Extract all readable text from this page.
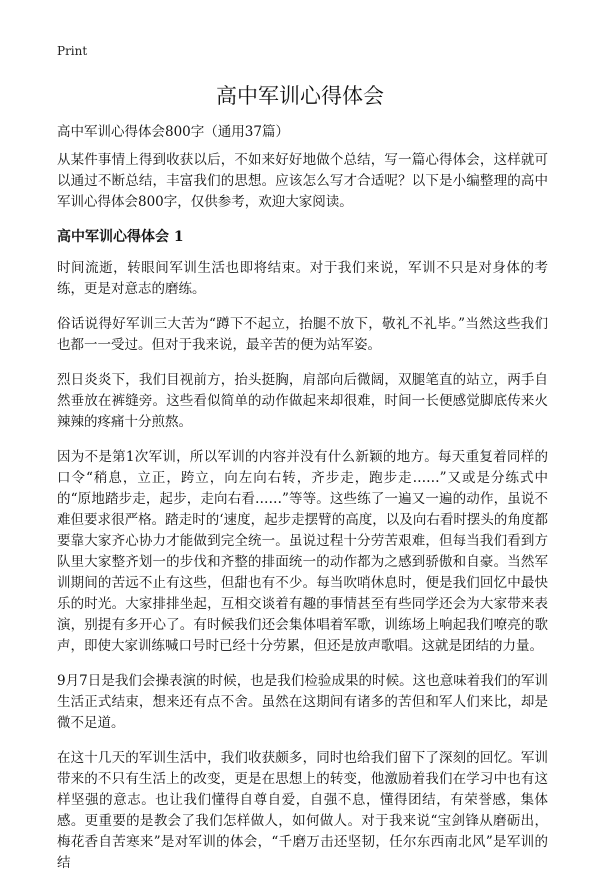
Print
高中军训心得体会

高中军训心得体会800字（通用37篇）

从某件事情上得到收获以后，不如来好好地做个总结，写一篇心得体会，这样就可以通过不断总结，丰富我们的思想。应该怎么写才合适呢？以下是小编整理的高中军训心得体会800字，仅供参考，欢迎大家阅读。

高中军训心得体会 1

时间流逝，转眼间军训生活也即将结束。对于我们来说，军训不只是对身体的考练，更是对意志的磨练。

俗话说得好军训三大苦为“蹲下不起立，抬腿不放下，敬礼不礼毕。”当然这些我们也都一一受过。但对于我来说，最辛苦的便为站军姿。

烈日炎炎下，我们目视前方，抬头挺胸，肩部向后微阔，双腿笔直的站立，两手自然垂放在裤缝旁。这些看似简单的动作做起来却很难，时间一长便感觉脚底传来火辣辣的疼痛十分煎熬。

因为不是第1次军训，所以军训的内容并没有什么新颖的地方。每天重复着同样的口令“稍息，立正，跨立，向左向右转，齐步走，跑步走……”又或是分练式中的“原地踏步走，起步，走向右看……”等等。这些练了一遍又一遍的动作，虽说不难但要求很严格。踏走时的‘速度，起步走摆臂的高度，以及向右看时摆头的角度都要靠大家齐心协力才能做到完全统一。虽说过程十分劳苦艰难，但每当我们看到方队里大家整齐划一的步伐和齐整的排面统一的动作都为之感到骄傲和自豪。当然军训期间的苦远不止有这些，但甜也有不少。每当吹哨休息时，便是我们回忆中最快乐的时光。大家排排坐起，互相交谈着有趣的事情甚至有些同学还会为大家带来表演，别提有多开心了。有时候我们还会集体唱着军歌，训练场上响起我们嘹亮的歌声，即使大家训练喊口号时已经十分劳累，但还是放声歌唱。这就是团结的力量。

9月7日是我们会操表演的时候，也是我们检验成果的时候。这也意味着我们的军训生活正式结束，想来还有点不舍。虽然在这期间有诸多的苦但和军人们来比，却是微不足道。

在这十几天的军训生活中，我们收获颇多，同时也给我们留下了深刻的回忆。军训带来的不只有生活上的改变，更是在思想上的转变，他激励着我们在学习中也有这样坚强的意志。也让我们懂得自尊自爱，自强不息，懂得团结，有荣誉感，集体感。更重要的是教会了我们怎样做人，如何做人。对于我来说“宝剑锋从磨砺出，梅花香自苦寒来”是对军训的体会，“千磨万击还坚韧，任尔东西南北风”是军训的结
